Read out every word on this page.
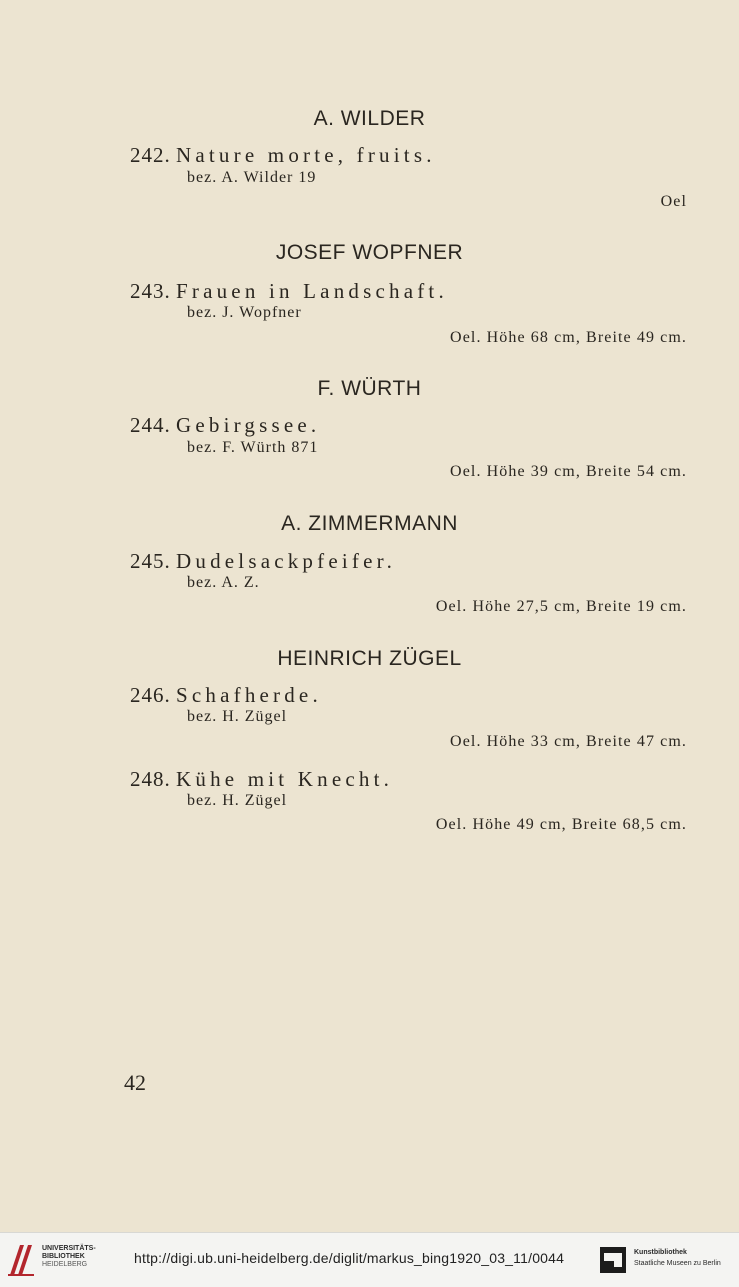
A. WILDER
242. Nature morte, fruits.
bez. A. Wilder 19
Oel
JOSEF WOPFNER
243. Frauen in Landschaft.
bez. J. Wopfner
Oel. Höhe 68 cm, Breite 49 cm.
F. WÜRTH
244. Gebirgssee.
bez. F. Würth 871
Oel. Höhe 39 cm, Breite 54 cm.
A. ZIMMERMANN
245. Dudelsackpfeifer.
bez. A. Z.
Oel. Höhe 27,5 cm, Breite 19 cm.
HEINRICH ZÜGEL
246. Schafherde.
bez. H. Zügel
Oel. Höhe 33 cm, Breite 47 cm.
248. Kühe mit Knecht.
bez. H. Zügel
Oel. Höhe 49 cm, Breite 68,5 cm.
42
UNIVERSITÄTS-
BIBLIOTHEK
HEIDELBERG	http://digi.ub.uni-heidelberg.de/diglit/markus_bing1920_03_11/0044	Kunstbibliothek
Staatliche Museen zu Berlin
